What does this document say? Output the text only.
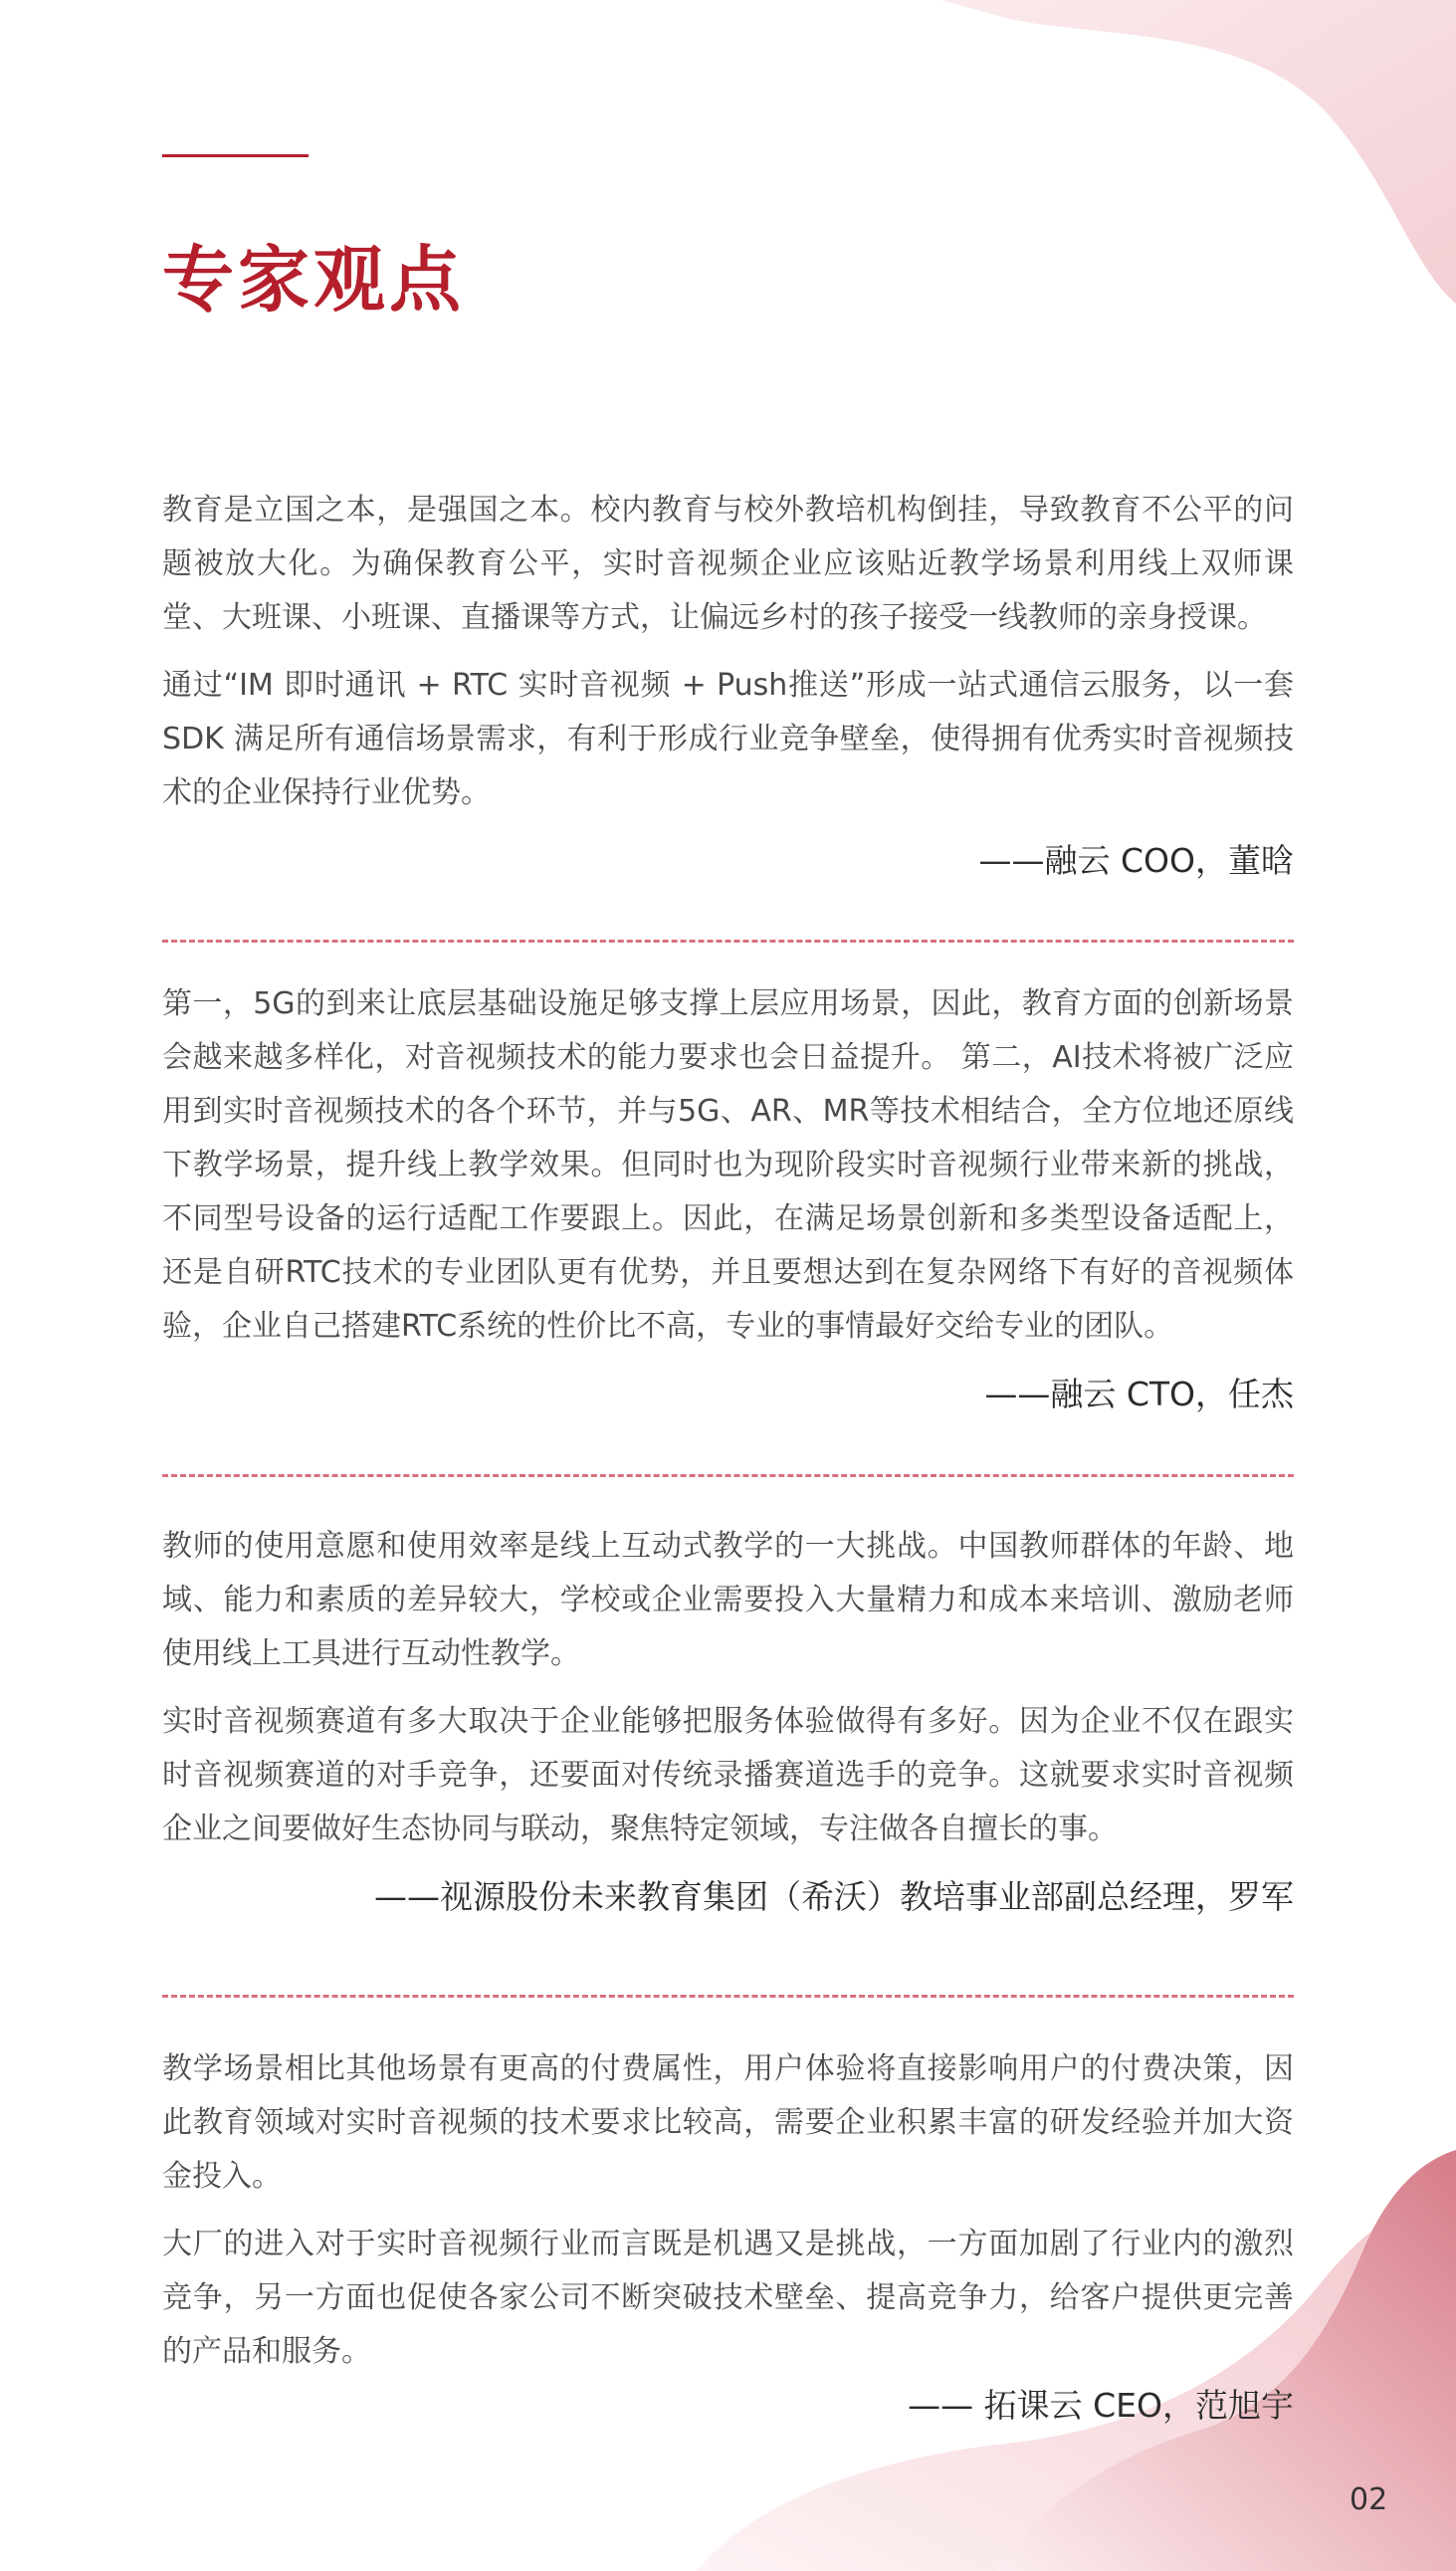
专家观点

教育是立国之本，是强国之本。校内教育与校外教培机构倒挂，导致教育不公平的问题被放大化。为确保教育公平，实时音视频企业应该贴近教学场景利用线上双师课堂、大班课、小班课、直播课等方式，让偏远乡村的孩子接受一线教师的亲身授课。

通过“IM 即时通讯 + RTC 实时音视频 + Push推送”形成一站式通信云服务，以一套 SDK 满足所有通信场景需求，有利于形成行业竞争壁垒，使得拥有优秀实时音视频技术的企业保持行业优势。

——融云 COO，董晗

第一，5G的到来让底层基础设施足够支撑上层应用场景，因此，教育方面的创新场景会越来越多样化，对音视频技术的能力要求也会日益提升。 第二，AI技术将被广泛应用到实时音视频技术的各个环节，并与5G、AR、MR等技术相结合，全方位地还原线下教学场景，提升线上教学效果。但同时也为现阶段实时音视频行业带来新的挑战，不同型号设备的运行适配工作要跟上。因此，在满足场景创新和多类型设备适配上，还是自研RTC技术的专业团队更有优势，并且要想达到在复杂网络下有好的音视频体验，企业自己搭建RTC系统的性价比不高，专业的事情最好交给专业的团队。

——融云 CTO，任杰

教师的使用意愿和使用效率是线上互动式教学的一大挑战。中国教师群体的年龄、地域、能力和素质的差异较大，学校或企业需要投入大量精力和成本来培训、激励老师使用线上工具进行互动性教学。

实时音视频赛道有多大取决于企业能够把服务体验做得有多好。因为企业不仅在跟实时音视频赛道的对手竞争，还要面对传统录播赛道选手的竞争。这就要求实时音视频企业之间要做好生态协同与联动，聚焦特定领域，专注做各自擅长的事。

——视源股份未来教育集团（希沃）教培事业部副总经理，罗军

教学场景相比其他场景有更高的付费属性，用户体验将直接影响用户的付费决策，因此教育领域对实时音视频的技术要求比较高，需要企业积累丰富的研发经验并加大资金投入。

大厂的进入对于实时音视频行业而言既是机遇又是挑战，一方面加剧了行业内的激烈竞争，另一方面也促使各家公司不断突破技术壁垒、提高竞争力，给客户提供更完善的产品和服务。

—— 拓课云 CEO，范旭宇

02
